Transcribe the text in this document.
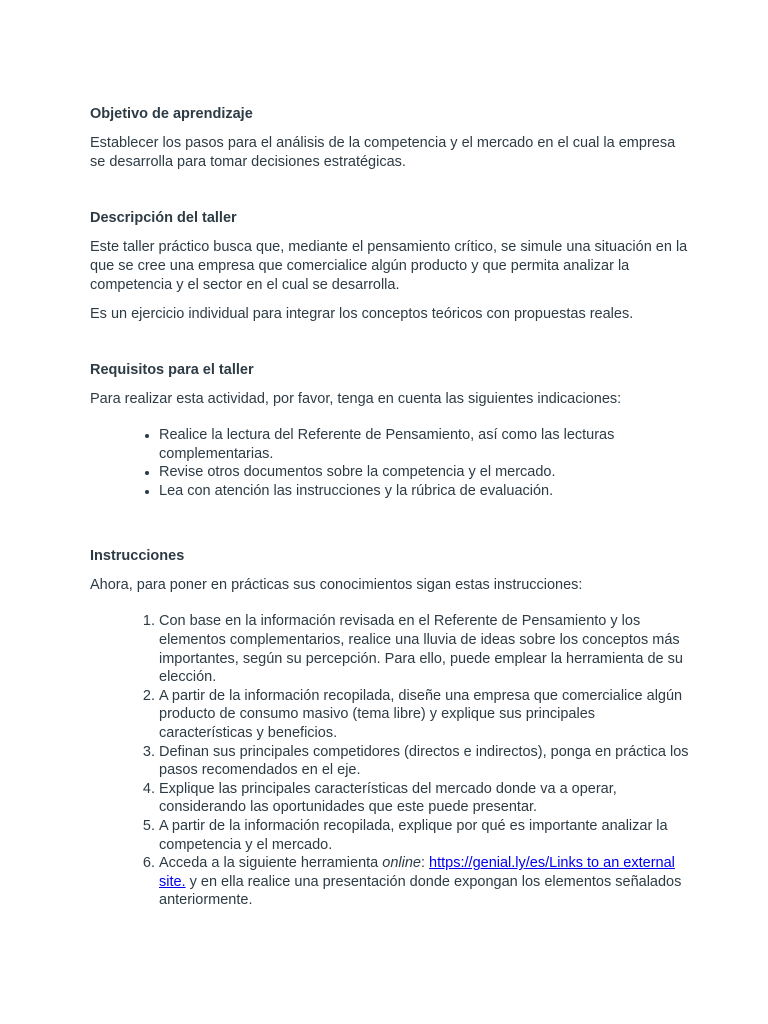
Objetivo de aprendizaje

Establecer los pasos para el análisis de la competencia y el mercado en el cual la empresa se desarrolla para tomar decisiones estratégicas.

Descripción del taller

Este taller práctico busca que, mediante el pensamiento crítico, se simule una situación en la que se cree una empresa que comercialice algún producto y que permita analizar la competencia y el sector en el cual se desarrolla.

Es un ejercicio individual para integrar los conceptos teóricos con propuestas reales.

Requisitos para el taller

Para realizar esta actividad, por favor, tenga en cuenta las siguientes indicaciones:

• Realice la lectura del Referente de Pensamiento, así como las lecturas complementarias.
• Revise otros documentos sobre la competencia y el mercado.
• Lea con atención las instrucciones y la rúbrica de evaluación.
Instrucciones

Ahora, para poner en prácticas sus conocimientos sigan estas instrucciones:

1. Con base en la información revisada en el Referente de Pensamiento y los elementos complementarios, realice una lluvia de ideas sobre los conceptos más importantes, según su percepción. Para ello, puede emplear la herramienta de su elección.
2. A partir de la información recopilada, diseñe una empresa que comercialice algún producto de consumo masivo (tema libre) y explique sus principales características y beneficios.
3. Definan sus principales competidores (directos e indirectos), ponga en práctica los pasos recomendados en el eje.
4. Explique las principales características del mercado donde va a operar, considerando las oportunidades que este puede presentar.
5. A partir de la información recopilada, explique por qué es importante analizar la competencia y el mercado.
6. Acceda a la siguiente herramienta online: https://genial.ly/es/Links to an external site. y en ella realice una presentación donde expongan los elementos señalados anteriormente.
